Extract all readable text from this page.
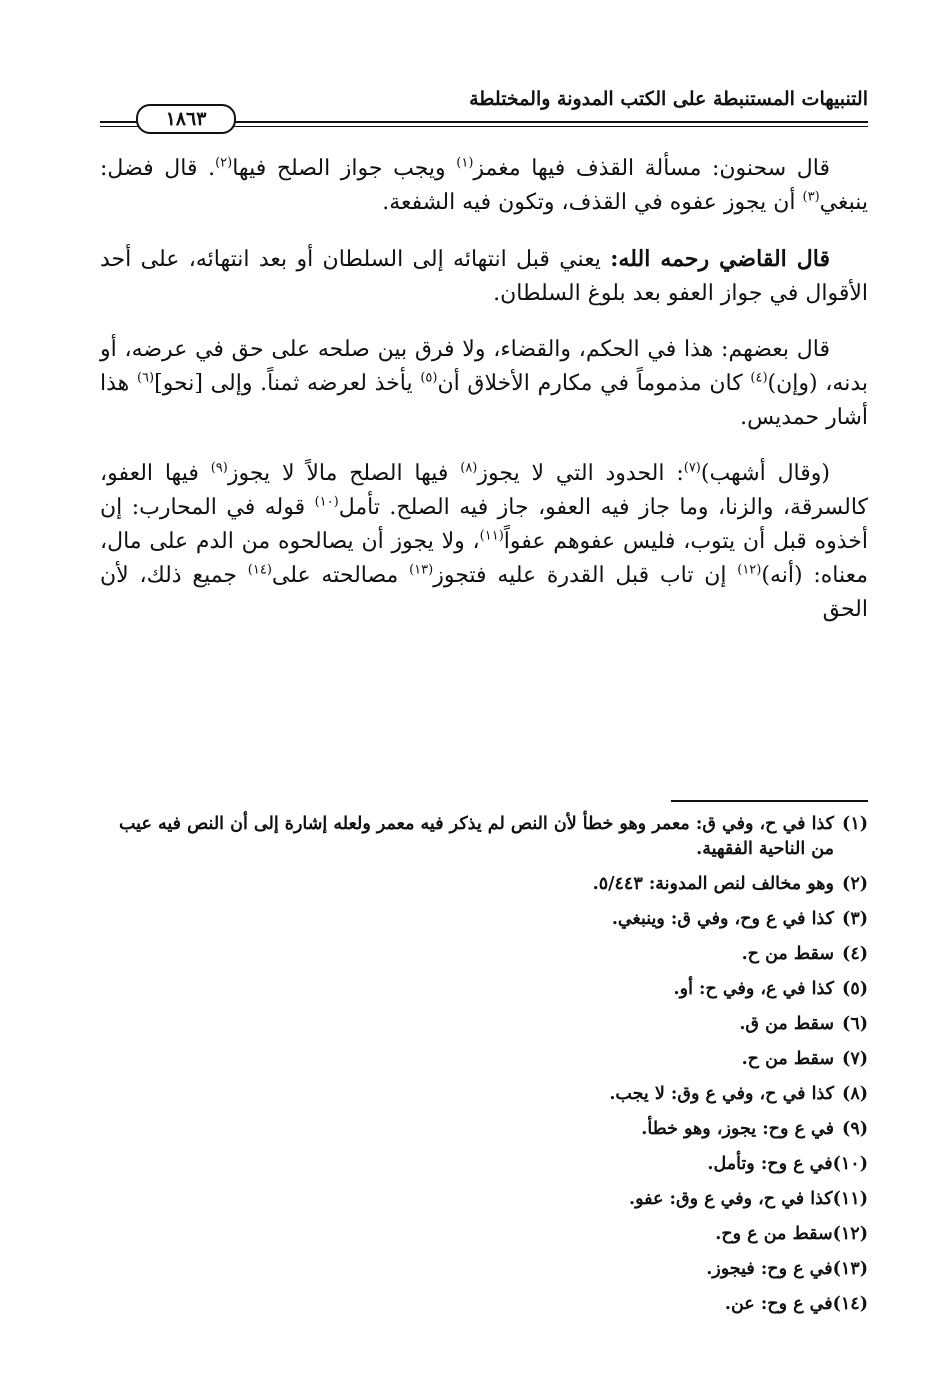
التنبيهات المستنبطة على الكتب المدونة والمختلطة
١٨٦٣

قال سحنون: مسألة القذف فيها مغمز$^{(١)}$ ويجب جواز الصلح فيها$^{(٢)}$. قال فضل: ينبغي$^{(٣)}$ أن يجوز عفوه في القذف، وتكون فيه الشفعة.

قال القاضي رحمه الله: يعني قبل انتهائه إلى السلطان أو بعد انتهائه، على أحد الأقوال في جواز العفو بعد بلوغ السلطان.

قال بعضهم: هذا في الحكم، والقضاء، ولا فرق بين صلحه على حق في عرضه، أو بدنه، (وإن)$^{(٤)}$ كان مذموماً في مكارم الأخلاق أن$^{(٥)}$ يأخذ لعرضه ثمناً. وإلى [نحو]$^{(٦)}$ هذا أشار حمديس.

(وقال أشهب)$^{(٧)}$: الحدود التي لا يجوز$^{(٨)}$ فيها الصلح مالاً لا يجوز$^{(٩)}$ فيها العفو، كالسرقة، والزنا، وما جاز فيه العفو، جاز فيه الصلح. تأمل$^{(١٠)}$ قوله في المحارب: إن أخذوه قبل أن يتوب، فليس عفوهم عفواً$^{(١١)}$، ولا يجوز أن يصالحوه من الدم على مال، معناه: (أنه)$^{(١٢)}$ إن تاب قبل القدرة عليه فتجوز$^{(١٣)}$ مصالحته على$^{(١٤)}$ جميع ذلك، لأن الحق

(١)
كذا في ح، وفي ق: معمر وهو خطأ لأن النص لم يذكر فيه معمر ولعله إشارة إلى أن النص فيه عيب من الناحية الفقهية.
(٢)
وهو مخالف لنص المدونة: ٥/٤٤٣.
(٣)
كذا في ع وح، وفي ق: وينبغي.
(٤)
سقط من ح.
(٥)
كذا في ع، وفي ح: أو.
(٦)
سقط من ق.
(٧)
سقط من ح.
(٨)
كذا في ح، وفي ع وق: لا يجب.
(٩)
في ع وح: يجوز، وهو خطأ.
(١٠)
في ع وح: وتأمل.
(١١)
كذا في ح، وفي ع وق: عفو.
(١٢)
سقط من ع وح.
(١٣)
في ع وح: فيجوز.
(١٤)
في ع وح: عن.
